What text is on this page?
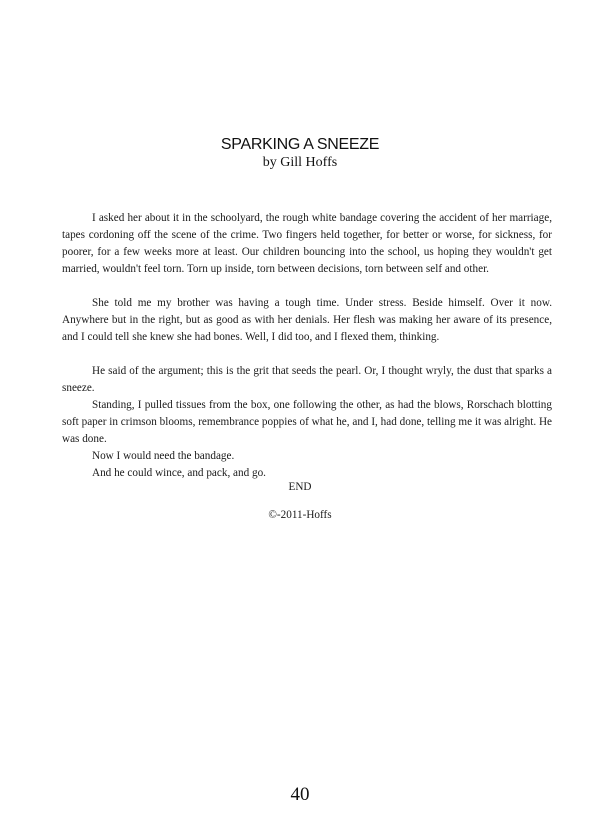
SPARKING A SNEEZE
by Gill Hoffs

I asked her about it in the schoolyard, the rough white bandage covering the accident of her marriage, tapes cordoning off the scene of the crime. Two fingers held together, for better or worse, for sickness, for poorer, for a few weeks more at least. Our children bouncing into the school, us hoping they wouldn't get married, wouldn't feel torn. Torn up inside, torn between decisions, torn between self and other.

She told me my brother was having a tough time. Under stress. Beside himself. Over it now. Anywhere but in the right, but as good as with her denials. Her flesh was making her aware of its presence, and I could tell she knew she had bones. Well, I did too, and I flexed them, thinking.

He said of the argument; this is the grit that seeds the pearl. Or, I thought wryly, the dust that sparks a sneeze.

Standing, I pulled tissues from the box, one following the other, as had the blows, Rorschach blotting soft paper in crimson blooms, remembrance poppies of what he, and I, had done, telling me it was alright. He was done.

Now I would need the bandage.

And he could wince, and pack, and go.

END
©-2011-Hoffs
40
